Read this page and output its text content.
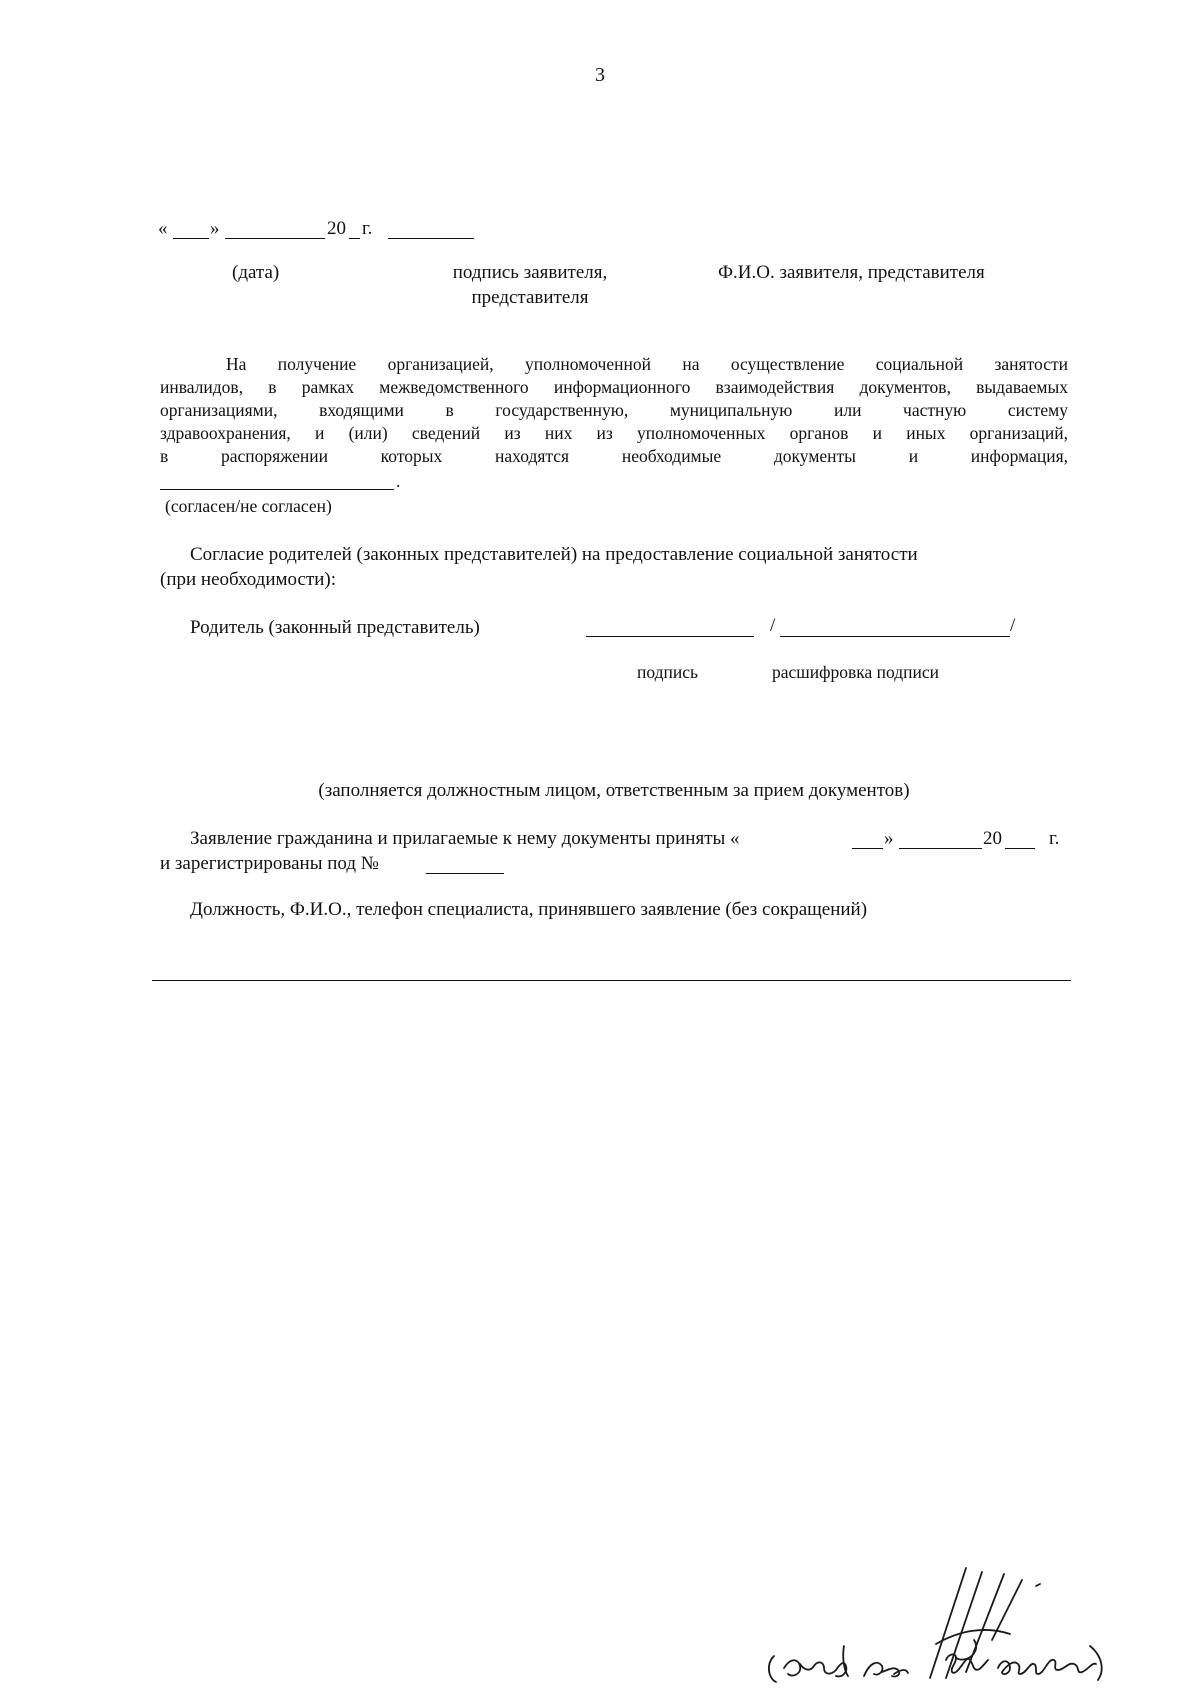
3
« »	20 г.
(дата)	подпись заявителя,
представителя
Ф.И.О. заявителя, представителя
На получение организацией, уполномоченной на осуществление социальной занятости
инвалидов, в рамках межведомственного информационного взаимодействия документов, выдаваемых
организациями, входящими в государственную, муниципальную или частную систему
здравоохранения, и (или) сведений из них из уполномоченных органов и иных организаций,
в распоряжении которых находятся необходимые документы и информация,
.
(согласен/не согласен)
Согласие родителей (законных представителей) на предоставление социальной занятости
(при необходимости):
Родитель (законный представитель)	/	/
подпись	расшифровка подписи
(заполняется должностным лицом, ответственным за прием документов)
Заявление гражданина и прилагаемые к нему документы приняты «	»	20 г.
и зарегистрированы под №
Должность, Ф.И.О., телефон специалиста, принявшего заявление (без сокращений)
